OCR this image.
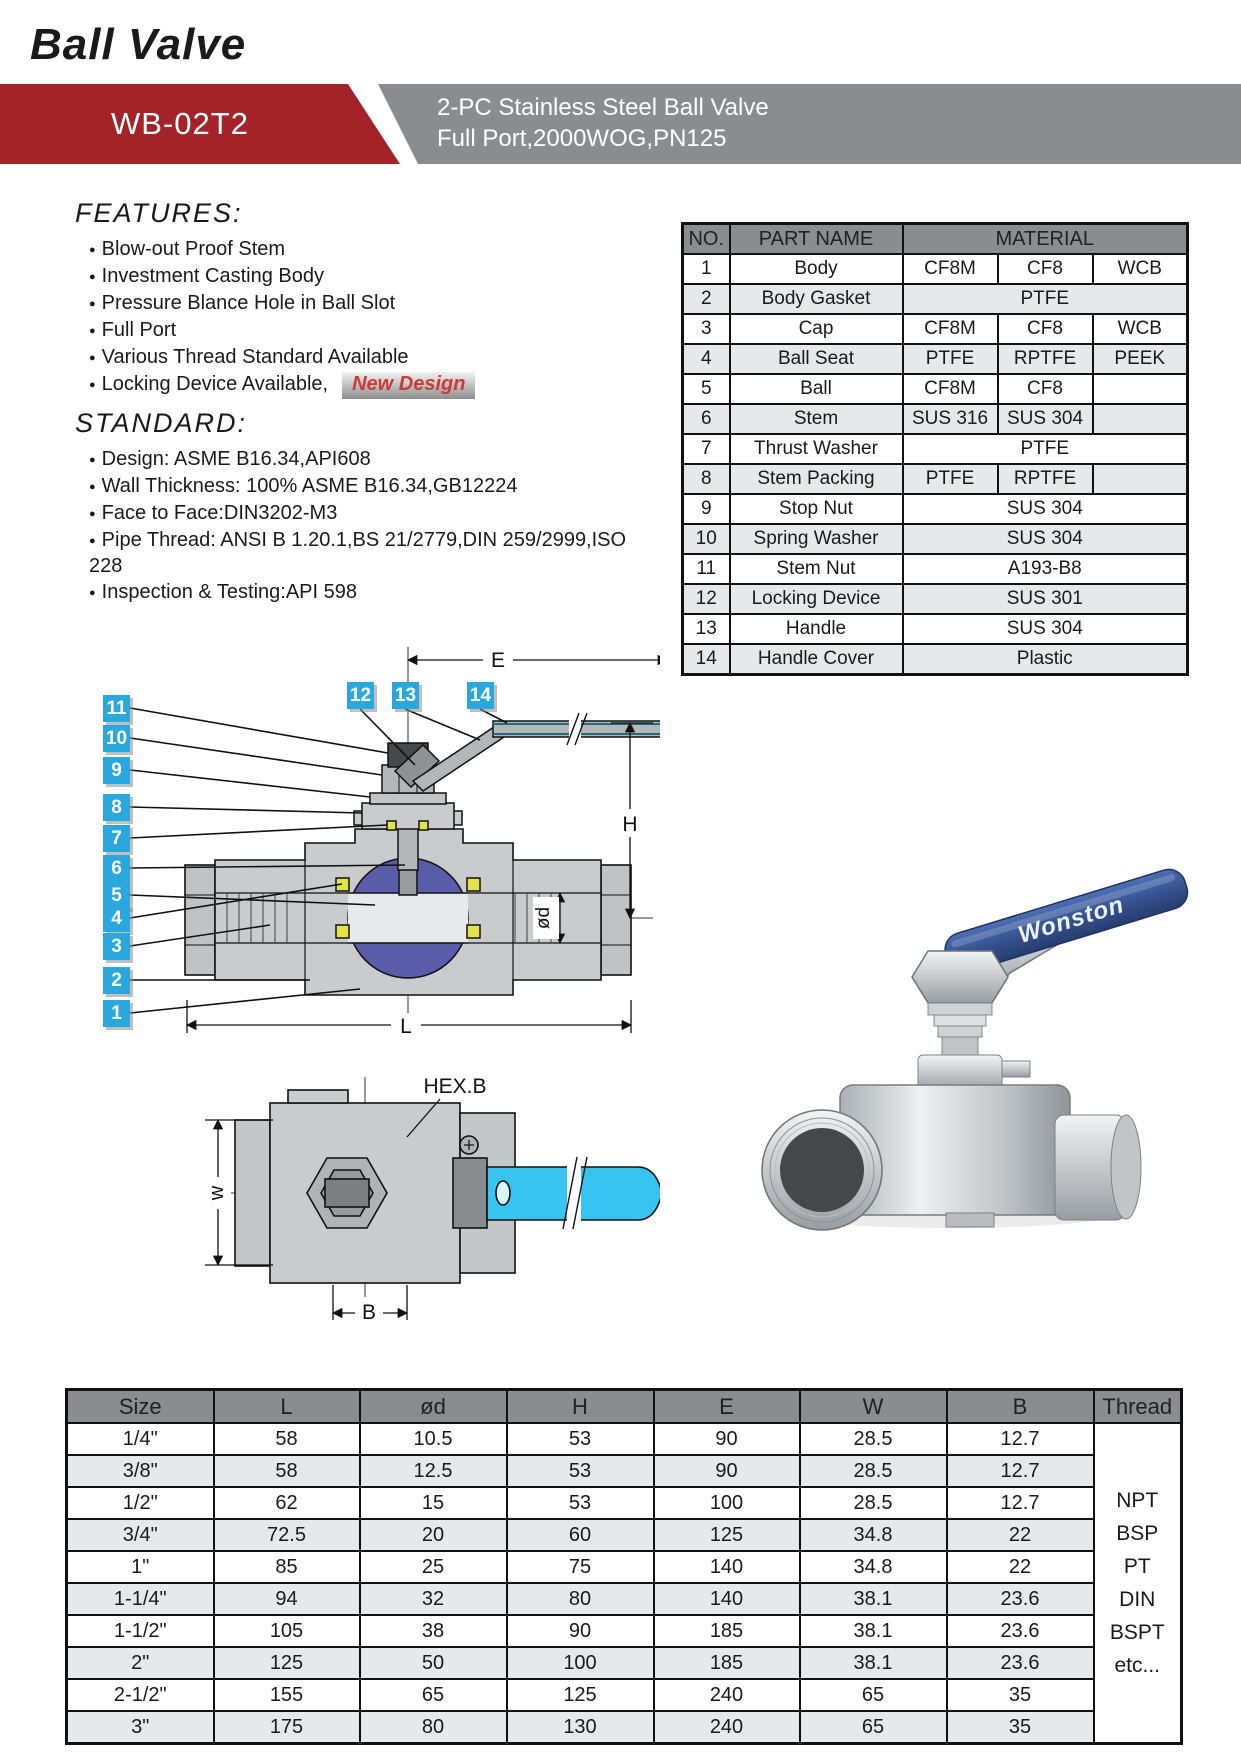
Ball Valve
WB-02T2	2-PC Stainless Steel Ball Valve
Full Port,2000WOG,PN125
FEATURES:
● Blow-out Proof Stem
● Investment Casting Body
● Pressure Blance Hole in Ball Slot
● Full Port
● Various Thread Standard Available
● Locking Device Available, New Design
STANDARD:
● Design: ASME B16.34,API608
● Wall Thickness: 100% ASME B16.34,GB12224
● Face to Face:DIN3202-M3
● Pipe Thread: ANSI B 1.20.1,BS 21/2779,DIN 259/2999,ISO 228
● Inspection & Testing:API 598
NO.	PART NAME	MATERIAL		
1	Body	CF8M	CF8	WCB
2	Body Gasket	PTFE		
3	Cap	CF8M	CF8	WCB
4	Ball Seat	PTFE	RPTFE	PEEK
5	Ball	CF8M	CF8	
6	Stem	SUS 316	SUS 304	
7	Thrust Washer	PTFE		
8	Stem Packing	PTFE	RPTFE	
9	Stop Nut	SUS 304		
10	Spring Washer	SUS 304		
11	Stem Nut	A193-B8		
12	Locking Device	SUS 301		
13	Handle	SUS 304		
14	Handle Cover	Plastic		
E
H
ød
L
w
B
HEX.B
11
10
9
8
7
6
5
4
3
2
1
12 13	14
Wonston
Size	L	ød	H	E	W	B	Thread
1/4"	58	10.5	53	90	28.5	12.7	
NPT
BSP
PT
DIN
BSPT
etc...

3/8"	58	12.5	53	90	28.5	12.7	
1/2"	62	15	53	100	28.5	12.7	
3/4"	72.5	20	60	125	34.8	22	
1"	85	25	75	140	34.8	22	
1-1/4"	94	32	80	140	38.1	23.6	
1-1/2"	105	38	90	185	38.1	23.6	
2"	125	50	100	185	38.1	23.6	
2-1/2"	155	65	125	240	65	35	
3"	175	80	130	240	65	35	
